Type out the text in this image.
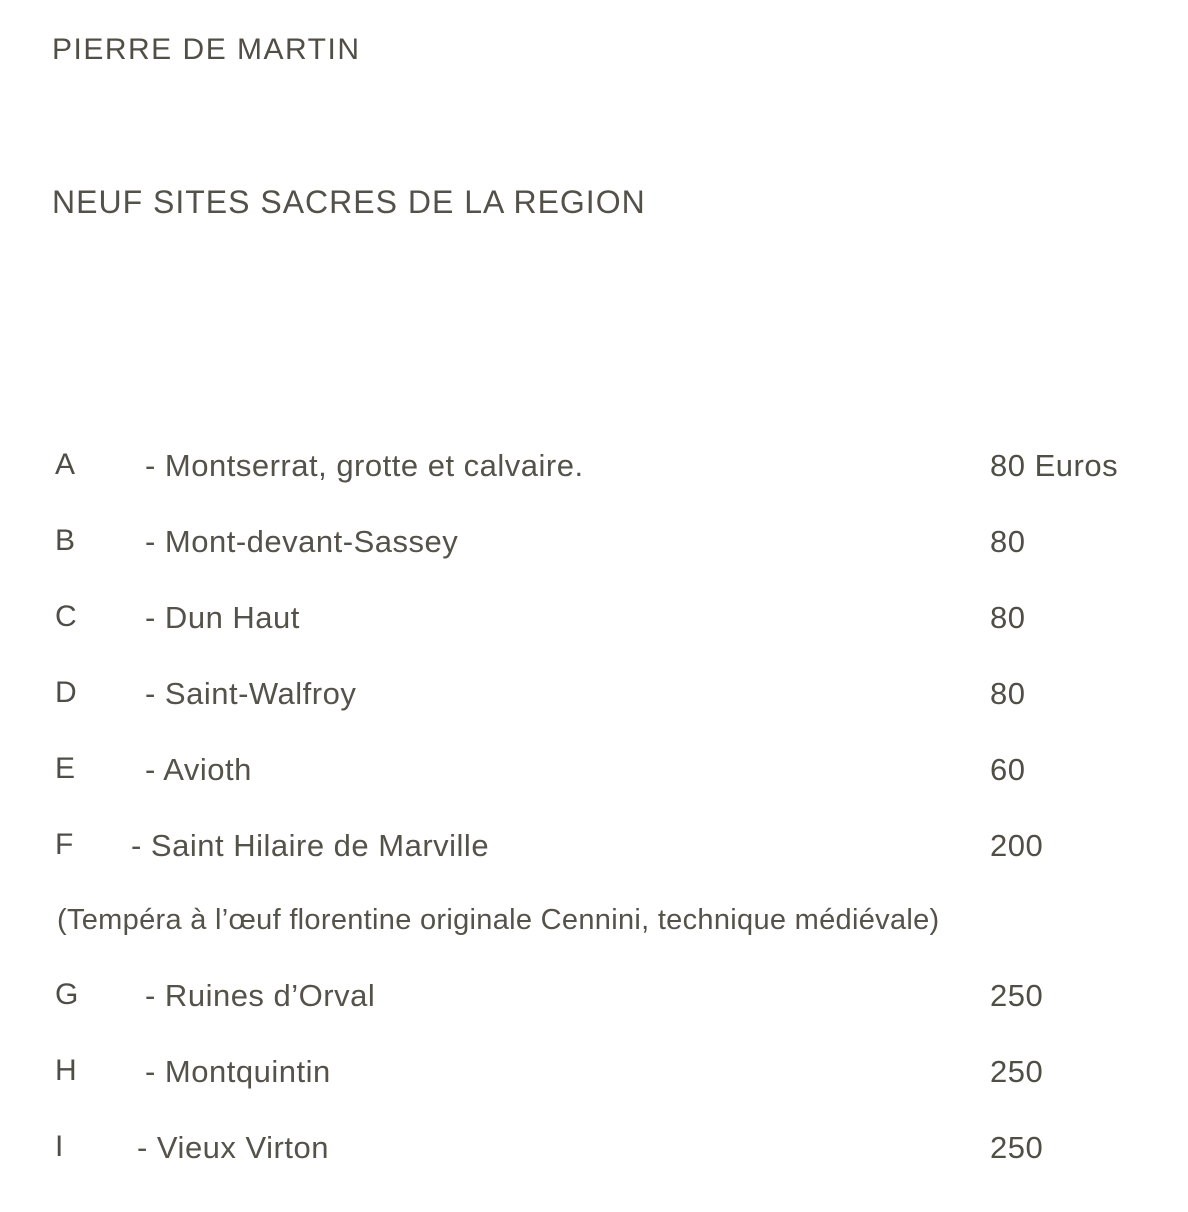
PIERRE DE MARTIN
NEUF SITES SACRES DE LA REGION
A	- Montserrat, grotte et calvaire.	80 Euros
B	- Mont-devant-Sassey	80
C	- Dun Haut	80
D	- Saint-Walfroy	80
E	- Avioth	60
F	- Saint Hilaire de Marville	200
(Tempéra à l’œuf florentine originale Cennini, technique médiévale)
G	- Ruines d’Orval	250
H	- Montquintin	250
I	- Vieux Virton	250
